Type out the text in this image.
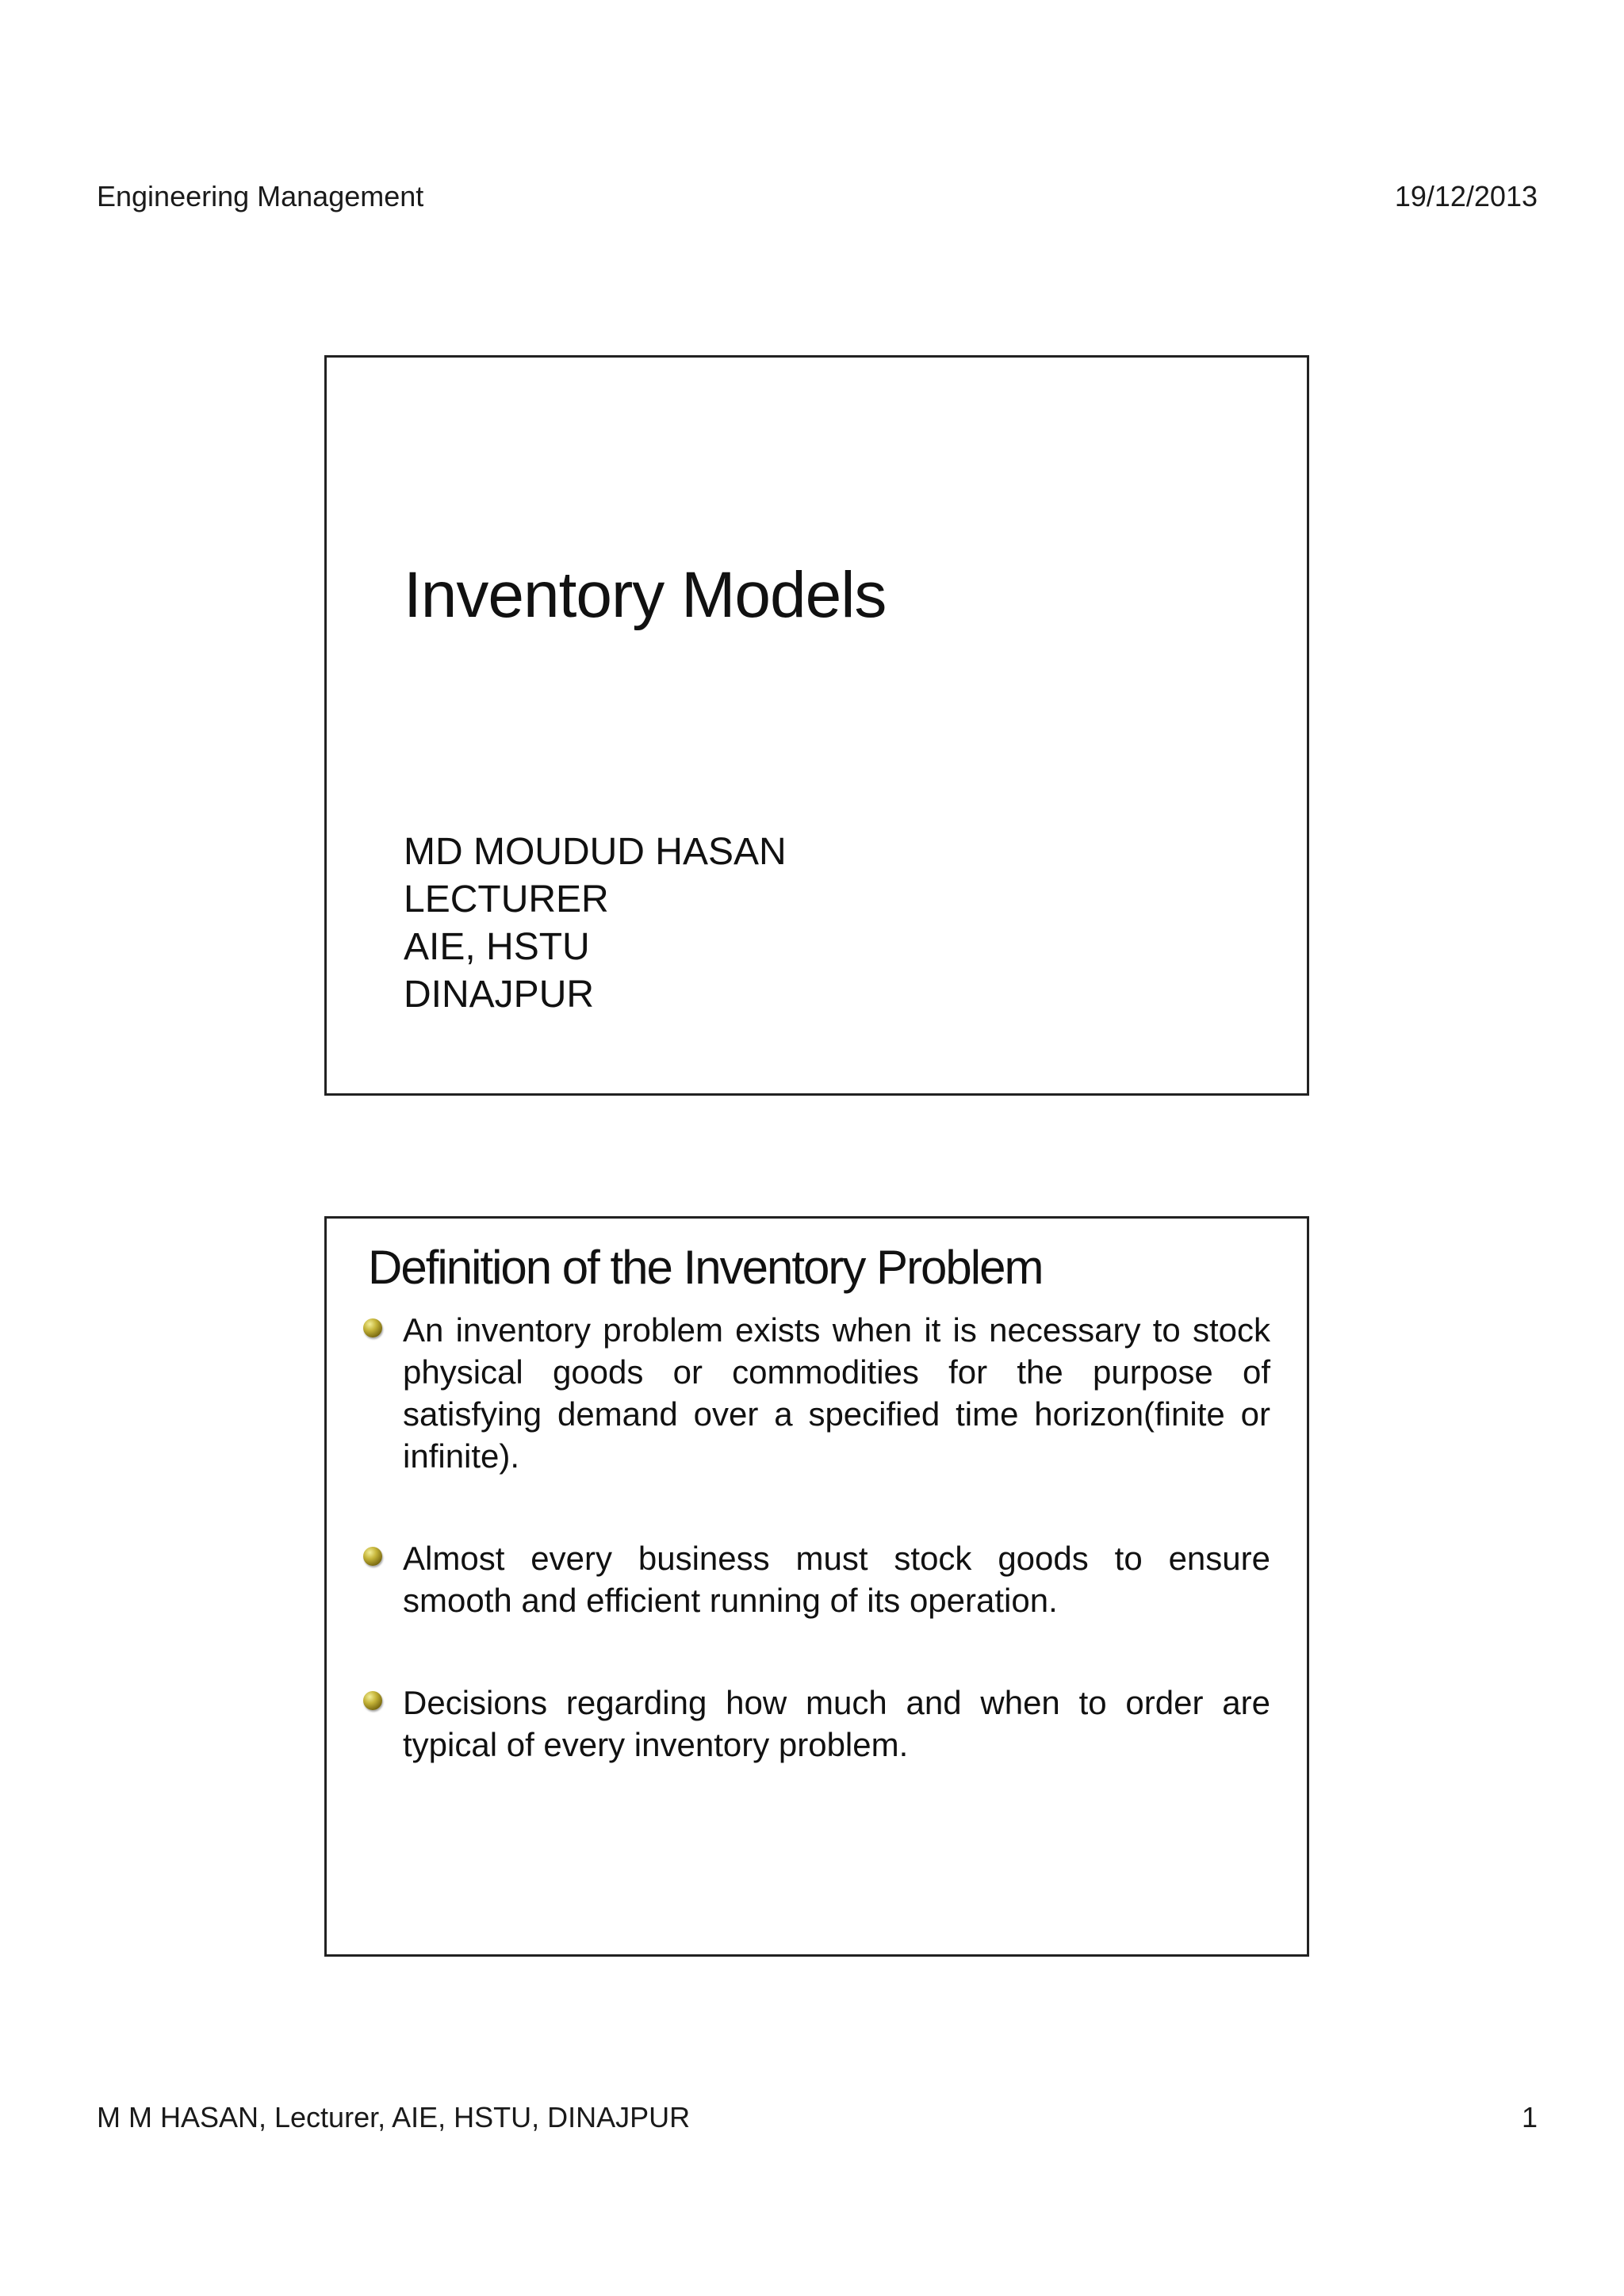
Engineering Management	19/12/2013
Inventory Models
MD MOUDUD HASAN
LECTURER
AIE, HSTU
DINAJPUR
Definition of the Inventory Problem
An inventory problem exists when it is necessary to stock physical goods or commodities for the purpose of satisfying demand over a specified time horizon(finite or infinite).
Almost every business must stock goods to ensure smooth and efficient running of its operation.
Decisions regarding how much and when to order are typical of every inventory problem.
M M HASAN, Lecturer, AIE, HSTU, DINAJPUR	1
